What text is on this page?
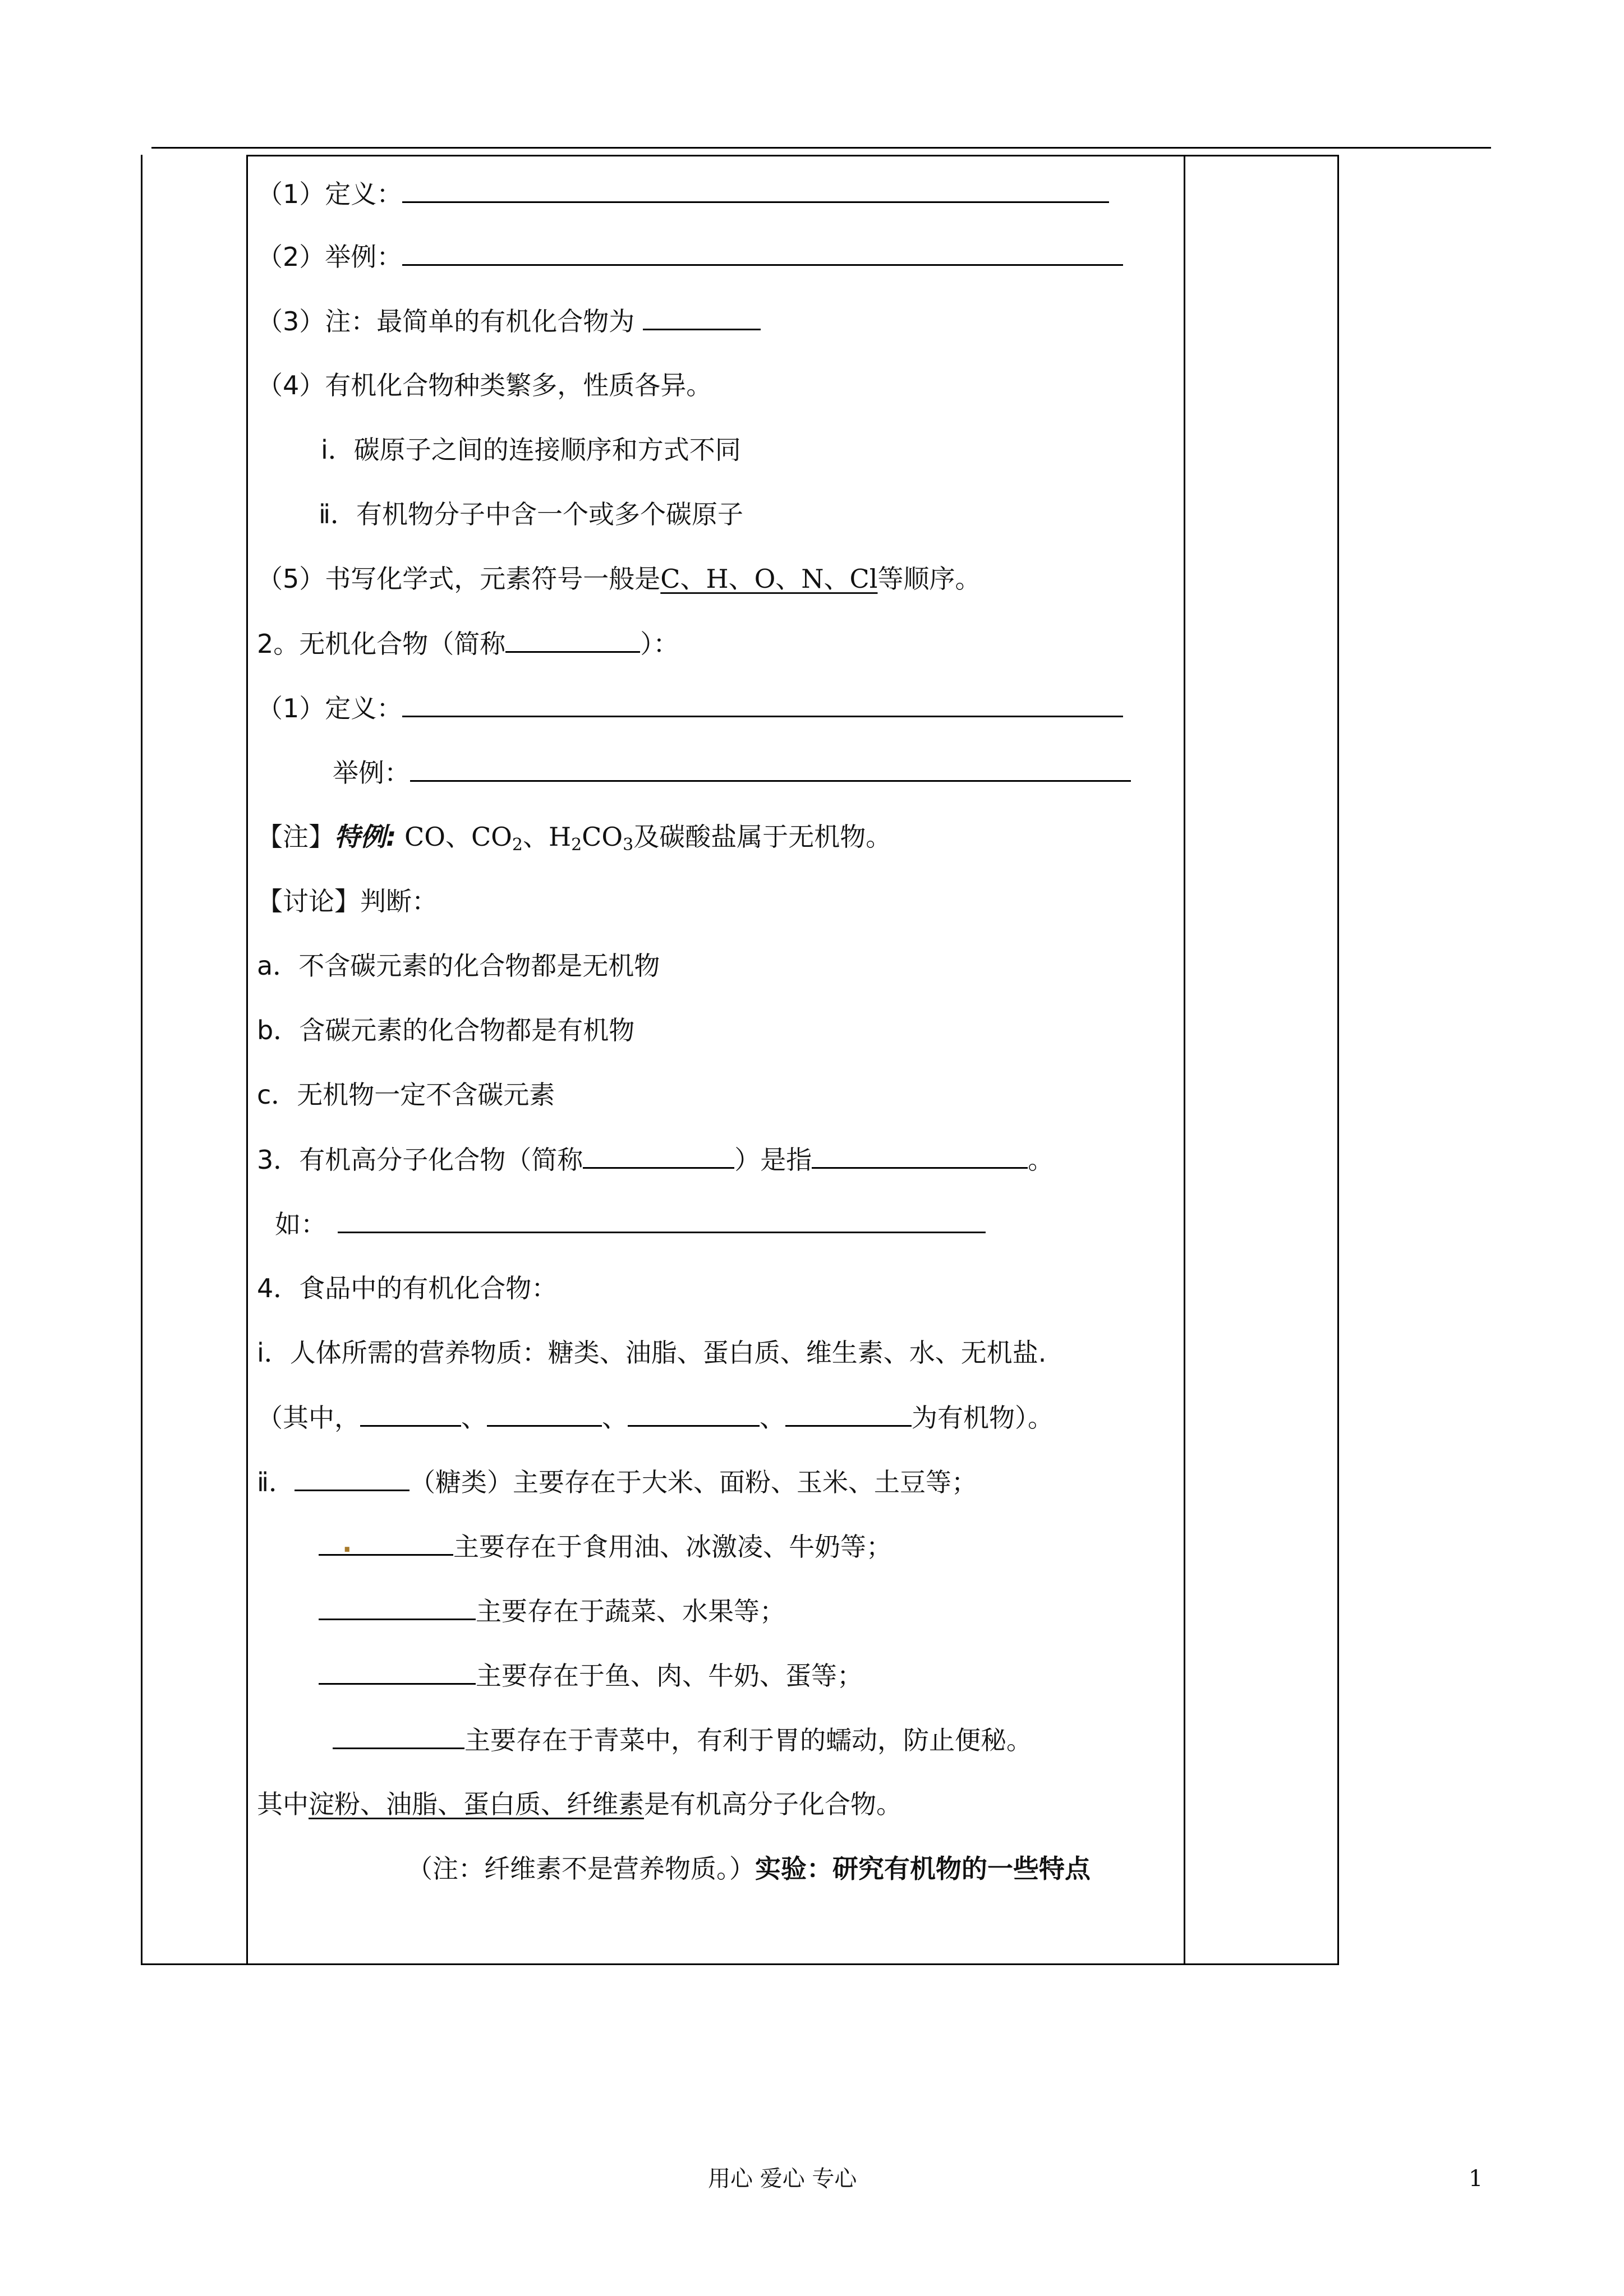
（1）定义：
（2）举例：
（3）注：最简单的有机化合物为
（4）有机化合物种类繁多，性质各异。
ⅰ．碳原子之间的连接顺序和方式不同
ⅱ．有机物分子中含一个或多个碳原子
（5）书写化学式，元素符号一般是C、H、O、N、Cl等顺序。
2。无机化合物（简称	）：
（1）定义：
举例：
【注】特例: CO、$CO_2$、$H_2CO_3$及碳酸盐属于无机物。
【讨论】判断：
a．不含碳元素的化合物都是无机物
b．含碳元素的化合物都是有机物
c．无机物一定不含碳元素
3．有机高分子化合物（简称	）是指	。
如：
4．食品中的有机化合物：
ⅰ．人体所需的营养物质：糖类、油脂、蛋白质、维生素、水、无机盐.
（其中，	、	、	、	为有机物）。
ⅱ．	（糖类）主要存在于大米、面粉、玉米、土豆等；
.	主要存在于食用油、冰激凌、牛奶等；
主要存在于蔬菜、水果等；
主要存在于鱼、肉、牛奶、蛋等；
主要存在于青菜中，有利于胃的蠕动，防止便秘。
其中淀粉、油脂、蛋白质、纤维素是有机高分子化合物。
（注：纤维素不是营养物质。）实验：研究有机物的一些特点
用心 爱心 专心	1
